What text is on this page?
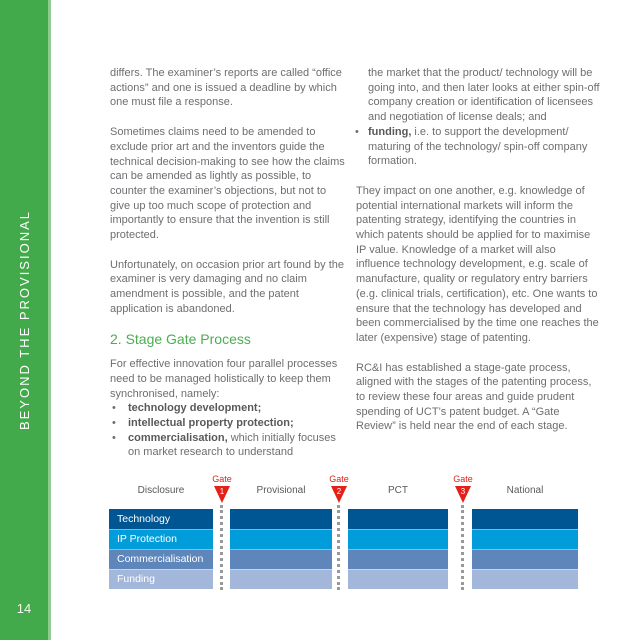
BEYOND THE PROVISIONAL
14

differs. The examiner’s reports are called “office actions” and one is issued a deadline by which one must file a response.

Sometimes claims need to be amended to exclude prior art and the inventors guide the technical decision-making to see how the claims can be amended as lightly as possible, to counter the examiner’s objections, but not to give up too much scope of protection and importantly to ensure that the invention is still protected.

Unfortunately, on occasion prior art found by the examiner is very damaging and no claim amendment is possible, and the patent application is abandoned.

2. Stage Gate Process

For effective innovation four parallel processes need to be managed holistically to keep them synchronised, namely:

• technology development;
• intellectual property protection;
• commercialisation, which initially focuses on market research to understand

the market that the product/ technology will be going into, and then later looks at either spin-off company creation or identification of licensees and negotiation of license deals; and

• funding, i.e. to support the development/ maturing of the technology/ spin-off company formation.

They impact on one another, e.g. knowledge of potential international markets will inform the patenting strategy, identifying the countries in which patents should be applied for to maximise IP value. Knowledge of a market will also influence technology development, e.g. scale of manufacture, quality or regulatory entry barriers (e.g. clinical trials, certification), etc. One wants to ensure that the technology has developed and been commercialised by the time one reaches the later (expensive) stage of patenting.

RC&I has established a stage-gate process, aligned with the stages of the patenting process, to review these four areas and guide prudent spending of UCT’s patent budget. A “Gate Review” is held near the end of each stage.

Disclosure	Provisional	PCT	National
Gate
1
Gate
2
Gate
3
Technology
IP Protection
Commercialisation
Funding
